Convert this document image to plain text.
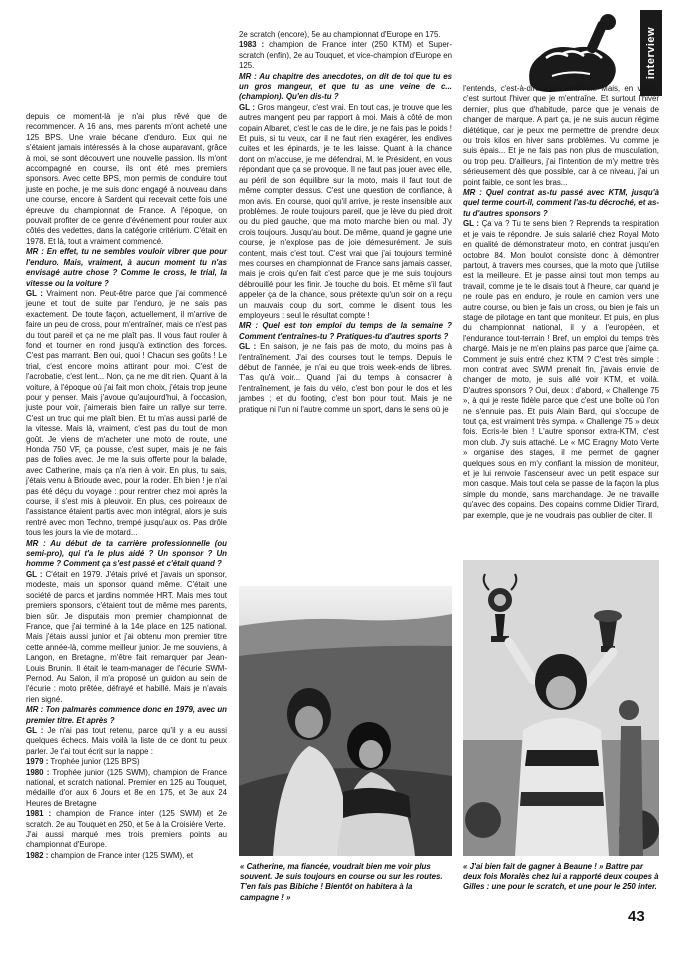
interview

depuis ce moment-là je n'ai plus rêvé que de recommencer. A 16 ans, mes parents m'ont acheté une 125 BPS. Une vraie bécane d'enduro. Eux qui ne s'étaient jamais intéressés à la chose auparavant, grâce à moi, se sont découvert une nouvelle passion. Ils m'ont accompagné en course, ils ont été mes premiers sponsors. Avec cette BPS, mon permis de conduire tout juste en poche, je me suis donc engagé à nouveau dans une course, encore à Sardent qui recevait cette fois une épreuve du championnat de France. A l'époque, on pouvait profiter de ce genre d'événement pour rouler aux côtés des vedettes, dans la catégorie critérium. C'était en 1978. Et là, tout a vraiment commencé.

MR : En effet, tu ne sembles vouloir vibrer que pour l'enduro. Mais, vraiment, à aucun moment tu n'as envisagé autre chose ? Comme le cross, le trial, la vitesse ou la voiture ?

GL : Vraiment non. Peut-être parce que j'ai commencé jeune et tout de suite par l'enduro, je ne sais pas exactement. De toute façon, actuellement, il m'arrive de faire un peu de cross, pour m'entraîner, mais ce n'est pas du tout pareil et ça ne me plaît pas. Il vous faut rouler à fond et tourner en rond jusqu'à extinction des forces. C'est pas marrant. Ben oui, quoi ! Chacun ses goûts ! Le trial, c'est encore moins attirant pour moi. C'est de l'acrobatie, c'est lent... Non, ça ne me dit rien. Quant à la voiture, à l'époque où j'ai fait mon choix, j'étais trop jeune pour y penser. Mais j'avoue qu'aujourd'hui, à l'occasion, juste pour voir, j'aimerais bien faire un rallye sur terre. C'est un truc qui me plaît bien. Et tu m'as aussi parlé de la vitesse. Mais là, vraiment, c'est pas du tout de mon goût. Je viens de m'acheter une moto de route, une Honda 750 VF, ça pousse, c'est super, mais je ne fais pas de folies avec. Je me la suis offerte pour la balade, avec Catherine, mais ça n'a rien à voir. En plus, tu sais, j'étais venu à Brioude avec, pour la roder. Eh bien ! je n'ai pas été déçu du voyage : pour rentrer chez moi après la course, il s'est mis à pleuvoir. En plus, ces poireaux de l'assistance étaient partis avec mon intégral, alors je suis rentré avec mon Techno, trempé jusqu'aux os. Pas drôle tous les jours la vie de motard...

MR : Au début de ta carrière professionnelle (ou semi-pro), qui t'a le plus aidé ? Un sponsor ? Un homme ? Comment ça s'est passé et c'était quand ?

GL : C'était en 1979. J'étais privé et j'avais un sponsor, modeste, mais un sponsor quand même. C'était une société de parcs et jardins nommée HRT. Mais mes tout premiers sponsors, c'étaient tout de même mes parents, bien sûr. Je disputais mon premier championnat de France, que j'ai terminé à la 14e place en 125 national. Mais j'étais aussi junior et j'ai obtenu mon premier titre cette année-là, comme meilleur junior. Je me souviens, à Langon, en Bretagne, m'être fait remarquer par Jean-Louis Brunin. Il était le team-manager de l'écurie SWM-Pernod. Au Salon, il m'a proposé un guidon au sein de l'écurie : moto prêtée, défrayé et habillé. Mais je n'avais rien signé.

MR : Ton palmarès commence donc en 1979, avec un premier titre. Et après ?

GL : Je n'ai pas tout retenu, parce qu'il y a eu aussi quelques échecs. Mais voilà la liste de ce dont tu peux parler. Je t'ai tout écrit sur la nappe :

1979 : Trophée junior (125 BPS)

1980 : Trophée junior (125 SWM), champion de France national, et scratch national. Premier en 125 au Touquet, médaille d'or aux 6 Jours et 8e en 175, et 3e aux 24 Heures de Bretagne

1981 : champion de France inter (125 SWM) et 2e scratch. 2e au Touquet en 250, et 5e à la Croisière Verte.

J'ai aussi marqué mes trois premiers points au championnat d'Europe.

1982 : champion de France inter (125 SWM), et

2e scratch (encore), 5e au championnat d'Europe en 175.

1983 : champion de France inter (250 KTM) et Super-scratch (enfin), 2e au Touquet, et vice-champion d'Europe en 125.

MR : Au chapitre des anecdotes, on dit de toi que tu es un gros mangeur, et que tu as une veine de c... (champion). Qu'en dis-tu ?

GL : Gros mangeur, c'est vrai. En tout cas, je trouve que les autres mangent peu par rapport à moi. Mais à côté de mon copain Albaret, c'est le cas de le dire, je ne fais pas le poids ! Et puis, si tu veux, car il ne faut rien exagérer, les endives cuites et les épinards, je te les laisse. Quant à la chance dont on m'accuse, je me défendrai, M. le Président, en vous répondant que ça se provoque. Il ne faut pas jouer avec elle, au péril de son équilibre sur la moto, mais il faut tout de même compter dessus. C'est une question de confiance, à mon avis. En course, quoi qu'il arrive, je reste insensible aux problèmes. Je roule toujours pareil, que je lève du pied droit ou du pied gauche, que ma moto marche bien ou mal. J'y crois toujours. Jusqu'au bout. De même, quand je gagne une course, je n'explose pas de joie démesurément. Je suis content, mais c'est tout. C'est vrai que j'ai toujours terminé mes courses en championnat de France sans jamais casser, mais je crois qu'en fait c'est parce que je me suis toujours débrouillé pour les finir. Je touche du bois. Et même s'il faut appeler ça de la chance, sous prétexte qu'un soir on a reçu un mauvais coup du sort, comme le disent tous les employeurs : seul le résultat compte !

MR : Quel est ton emploi du temps de la semaine ? Comment t'entraînes-tu ? Pratiques-tu d'autres sports ?

GL : En saison, je ne fais pas de moto, du moins pas à l'entraînement. J'ai des courses tout le temps. Depuis le début de l'année, je n'ai eu que trois week-ends de libres. T'as qu'à voir... Quand j'ai du temps à consacrer à l'entraînement, je fais du vélo, c'est bon pour le dos et les jambes ; et du footing, c'est bon pour tout. Mais je ne pratique ni l'un ni l'autre comme un sport, dans le sens où je

l'entends, c'est-à-dire avec ambition. Mais, en vérité, c'est surtout l'hiver que je m'entraîne. Et surtout l'hiver dernier, plus que d'habitude, parce que je venais de changer de marque. A part ça, je ne suis aucun régime diététique, car je peux me permettre de prendre deux ou trois kilos en hiver sans problèmes. Vu comme je suis épais... Et je ne fais pas non plus de musculation, ou trop peu. D'ailleurs, j'ai l'intention de m'y mettre très sérieusement dès que possible, car à ce niveau, j'ai un point faible, ce sont les bras...

MR : Quel contrat as-tu passé avec KTM, jusqu'à quel terme court-il, comment l'as-tu décroché, et as-tu d'autres sponsors ?

GL : Ça va ? Tu te sens bien ? Reprends ta respiration et je vais te répondre. Je suis salarié chez Royal Moto en qualité de démonstrateur moto, en contrat jusqu'en octobre 84. Mon boulot consiste donc à démontrer partout, à travers mes courses, que la moto que j'utilise est la meilleure. Et je passe ainsi tout mon temps au travail, comme je te le disais tout à l'heure, car quand je ne roule pas en enduro, je roule en camion vers une autre course, ou bien je fais un cross, ou bien je fais un stage de pilotage en tant que moniteur. Et puis, en plus du championnat national, il y a l'européen, et l'endurance tout-terrain ! Bref, un emploi du temps très chargé. Mais je ne m'en plains pas parce que j'aime ça. Comment je suis entré chez KTM ? C'est très simple : mon contrat avec SWM prenait fin, j'avais envie de changer de moto, je suis allé voir KTM, et voilà. D'autres sponsors ? Oui, deux : d'abord, « Challenge 75 », à qui je reste fidèle parce que c'est une boîte où l'on ne s'ennuie pas. Et puis Alain Bard, qui s'occupe de tout ça, est vraiment très sympa. « Challenge 75 » deux fois. Ecris-le bien ! L'autre sponsor extra-KTM, c'est mon club. J'y suis attaché. Le « MC Eragny Moto Verte » organise des stages, il me permet de gagner quelques sous en m'y confiant la mission de moniteur, et je lui renvoie l'ascenseur avec un petit espace sur mon casque. Mais tout cela se passe de la façon la plus simple du monde, sans marchandage. Je ne travaille qu'avec des copains. Des copains comme Didier Tirard, par exemple, que je ne voudrais pas oublier de citer. Il

« Catherine, ma fiancée, voudrait bien me voir plus souvent. Je suis toujours en course ou sur les routes. T'en fais pas Bibiche ! Bientôt on habitera à la campagne ! »
« J'ai bien fait de gagner à Beaune ! » Battre par deux fois Moralès chez lui a rapporté deux coupes à Gilles : une pour le scratch, et une pour le 250 inter.
43
